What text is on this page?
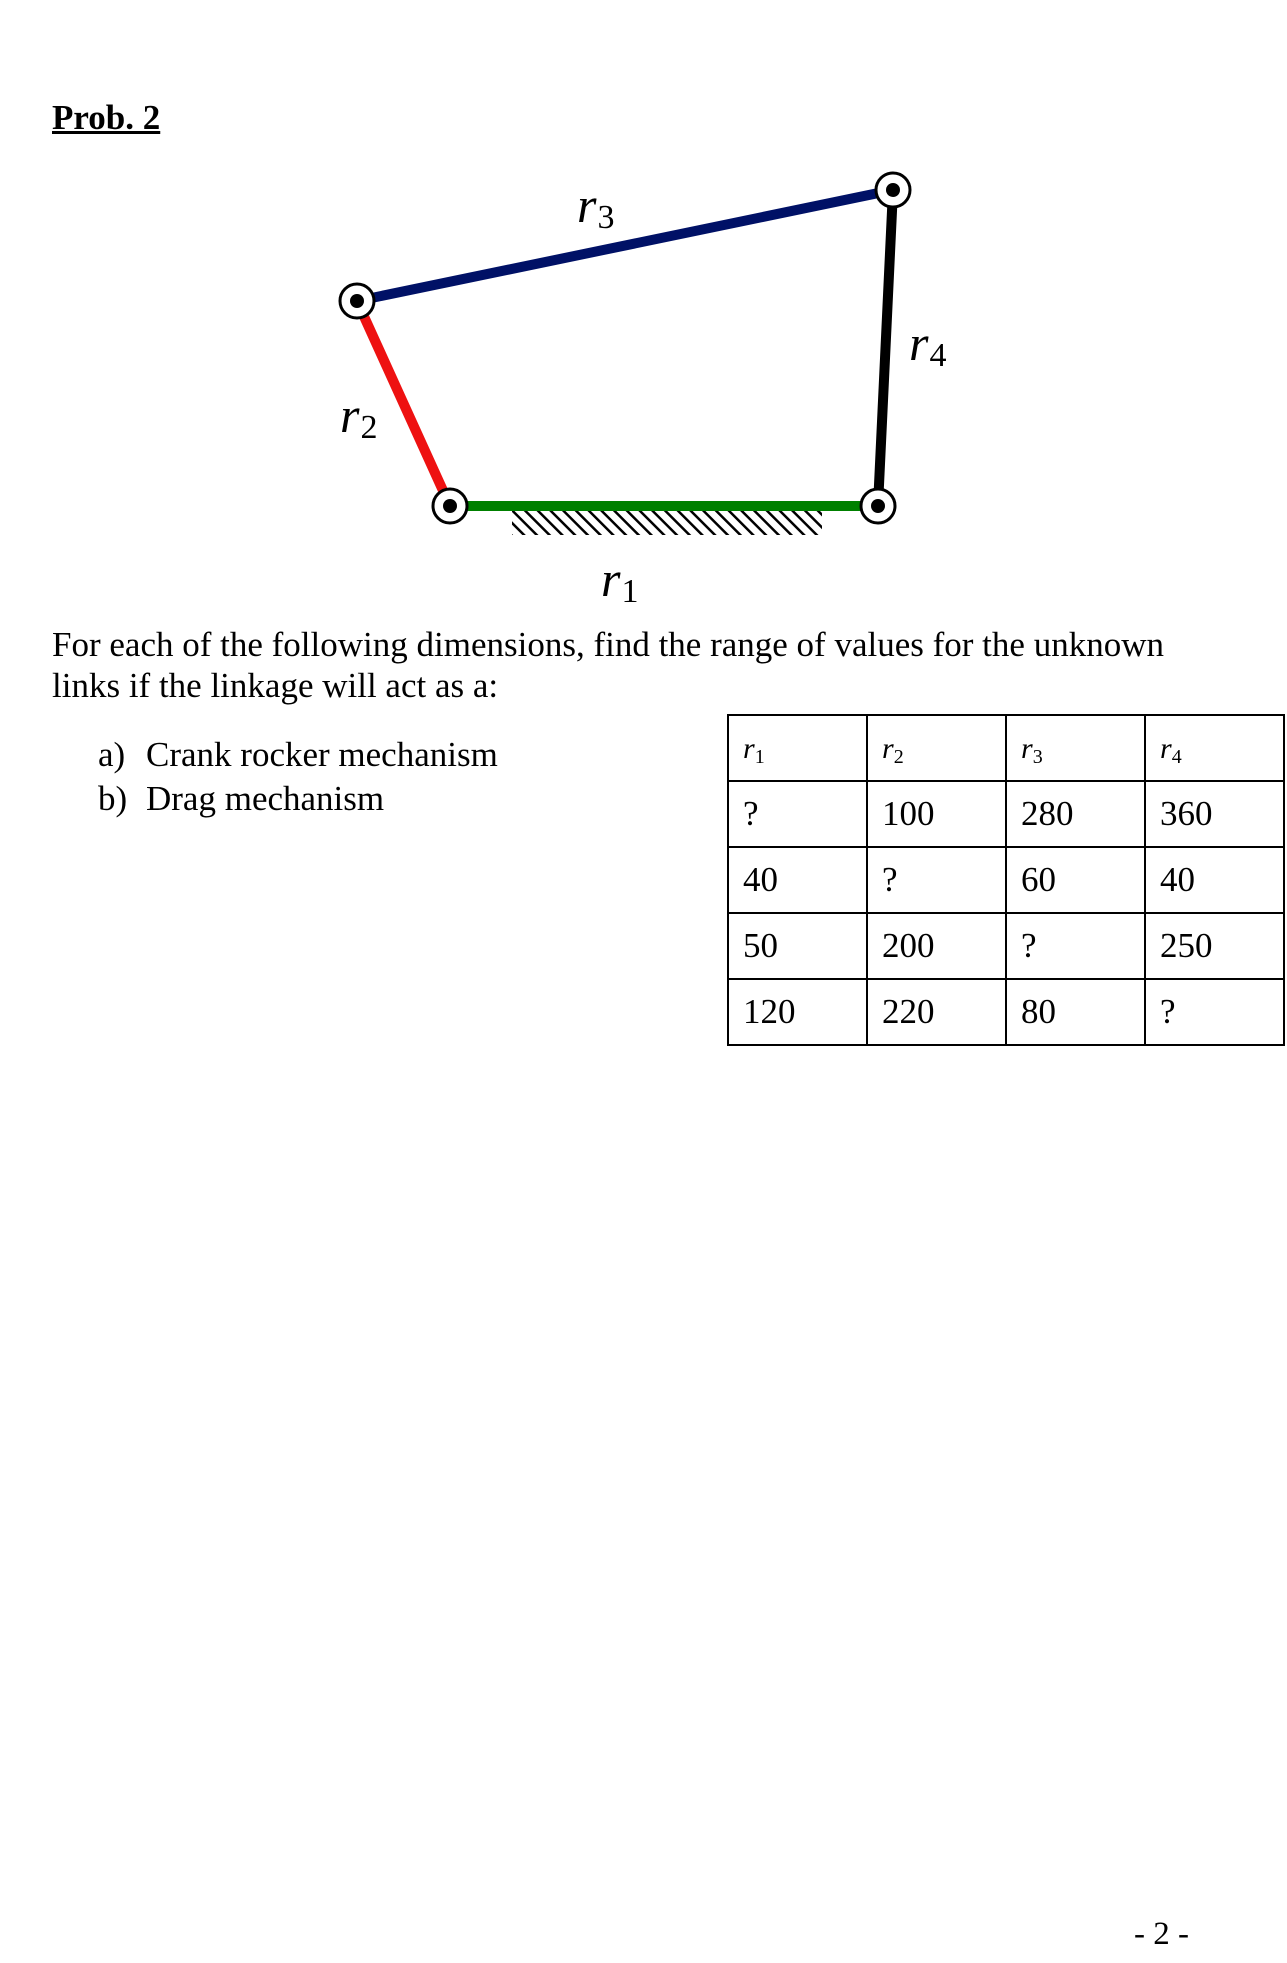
Prob. 2
r3
r4
r2
r1

For each of the following dimensions, find the range of values for the unknown links if the linkage will act as a:

a) Crank rocker mechanism
b) Drag mechanism
r1	r2	r3	r4
?	100	280	360
40	?	60	40
50	200	?	250
120	220	80	?
- 2 -
